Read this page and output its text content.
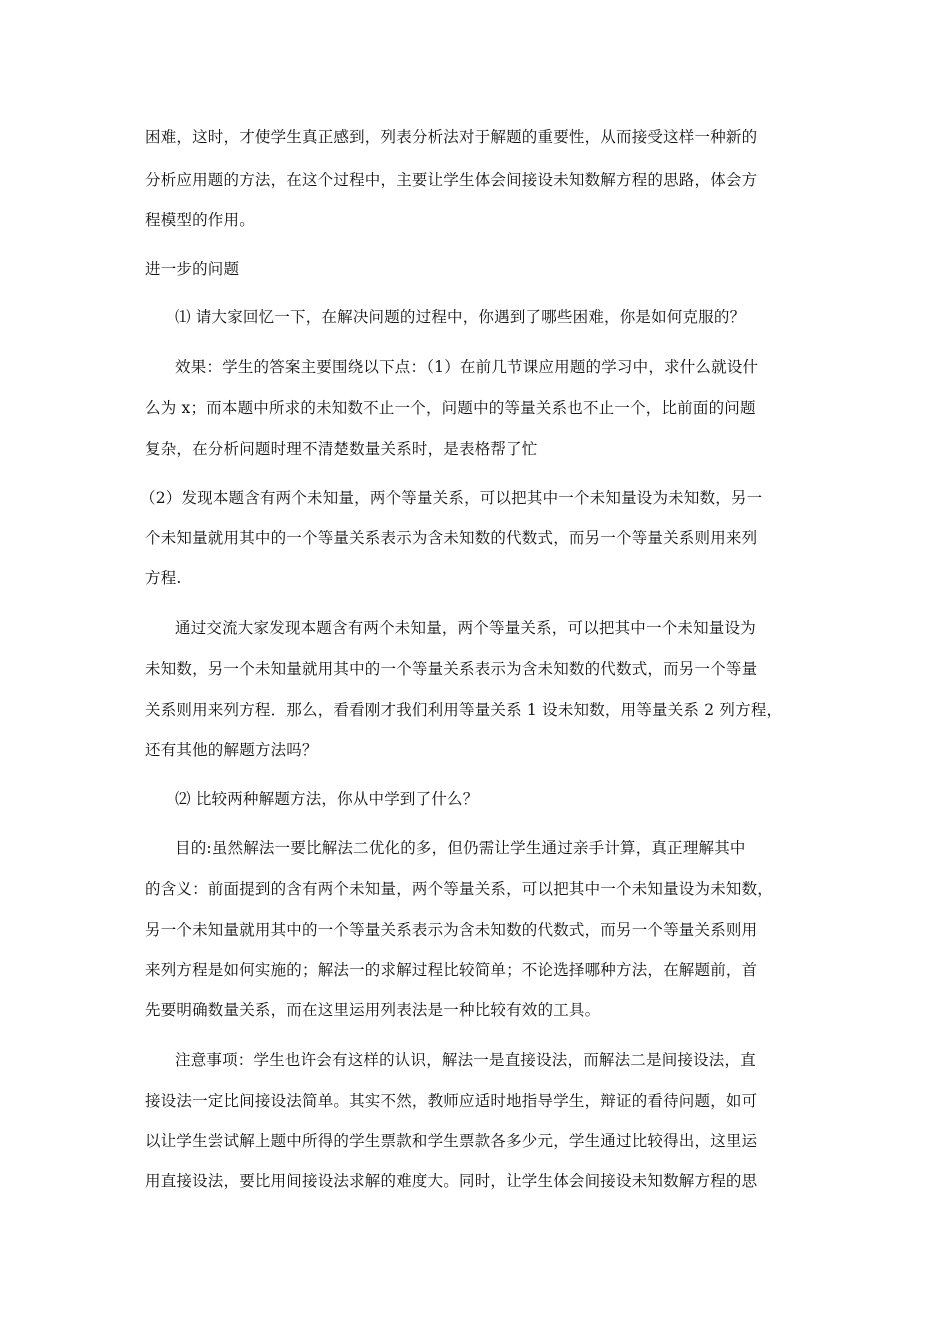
困难，这时，才使学生真正感到，列表分析法对于解题的重要性，从而接受这样一种新的
分析应用题的方法，在这个过程中，主要让学生体会间接设未知数解方程的思路，体会方
程模型的作用。
进一步的问题
⑴ 请大家回忆一下，在解决问题的过程中，你遇到了哪些困难，你是如何克服的？
效果：学生的答案主要围绕以下点：（1）在前几节课应用题的学习中，求什么就设什
么为 x；而本题中所求的未知数不止一个，问题中的等量关系也不止一个，比前面的问题
复杂，在分析问题时理不清楚数量关系时，是表格帮了忙
（2）发现本题含有两个未知量，两个等量关系，可以把其中一个未知量设为未知数，另一
个未知量就用其中的一个等量关系表示为含未知数的代数式，而另一个等量关系则用来列
方程.
通过交流大家发现本题含有两个未知量，两个等量关系，可以把其中一个未知量设为
未知数，另一个未知量就用其中的一个等量关系表示为含未知数的代数式，而另一个等量
关系则用来列方程．那么，看看刚才我们利用等量关系 1 设未知数，用等量关系 2 列方程，
还有其他的解题方法吗？
⑵ 比较两种解题方法，你从中学到了什么？
目的:虽然解法一要比解法二优化的多，但仍需让学生通过亲手计算，真正理解其中
的含义：前面提到的含有两个未知量，两个等量关系，可以把其中一个未知量设为未知数，
另一个未知量就用其中的一个等量关系表示为含未知数的代数式，而另一个等量关系则用
来列方程是如何实施的；解法一的求解过程比较简单；不论选择哪种方法，在解题前，首
先要明确数量关系，而在这里运用列表法是一种比较有效的工具。
注意事项：学生也许会有这样的认识，解法一是直接设法，而解法二是间接设法，直
接设法一定比间接设法简单。其实不然，教师应适时地指导学生，辩证的看待问题，如可
以让学生尝试解上题中所得的学生票款和学生票款各多少元，学生通过比较得出，这里运
用直接设法，要比用间接设法求解的难度大。同时，让学生体会间接设未知数解方程的思
